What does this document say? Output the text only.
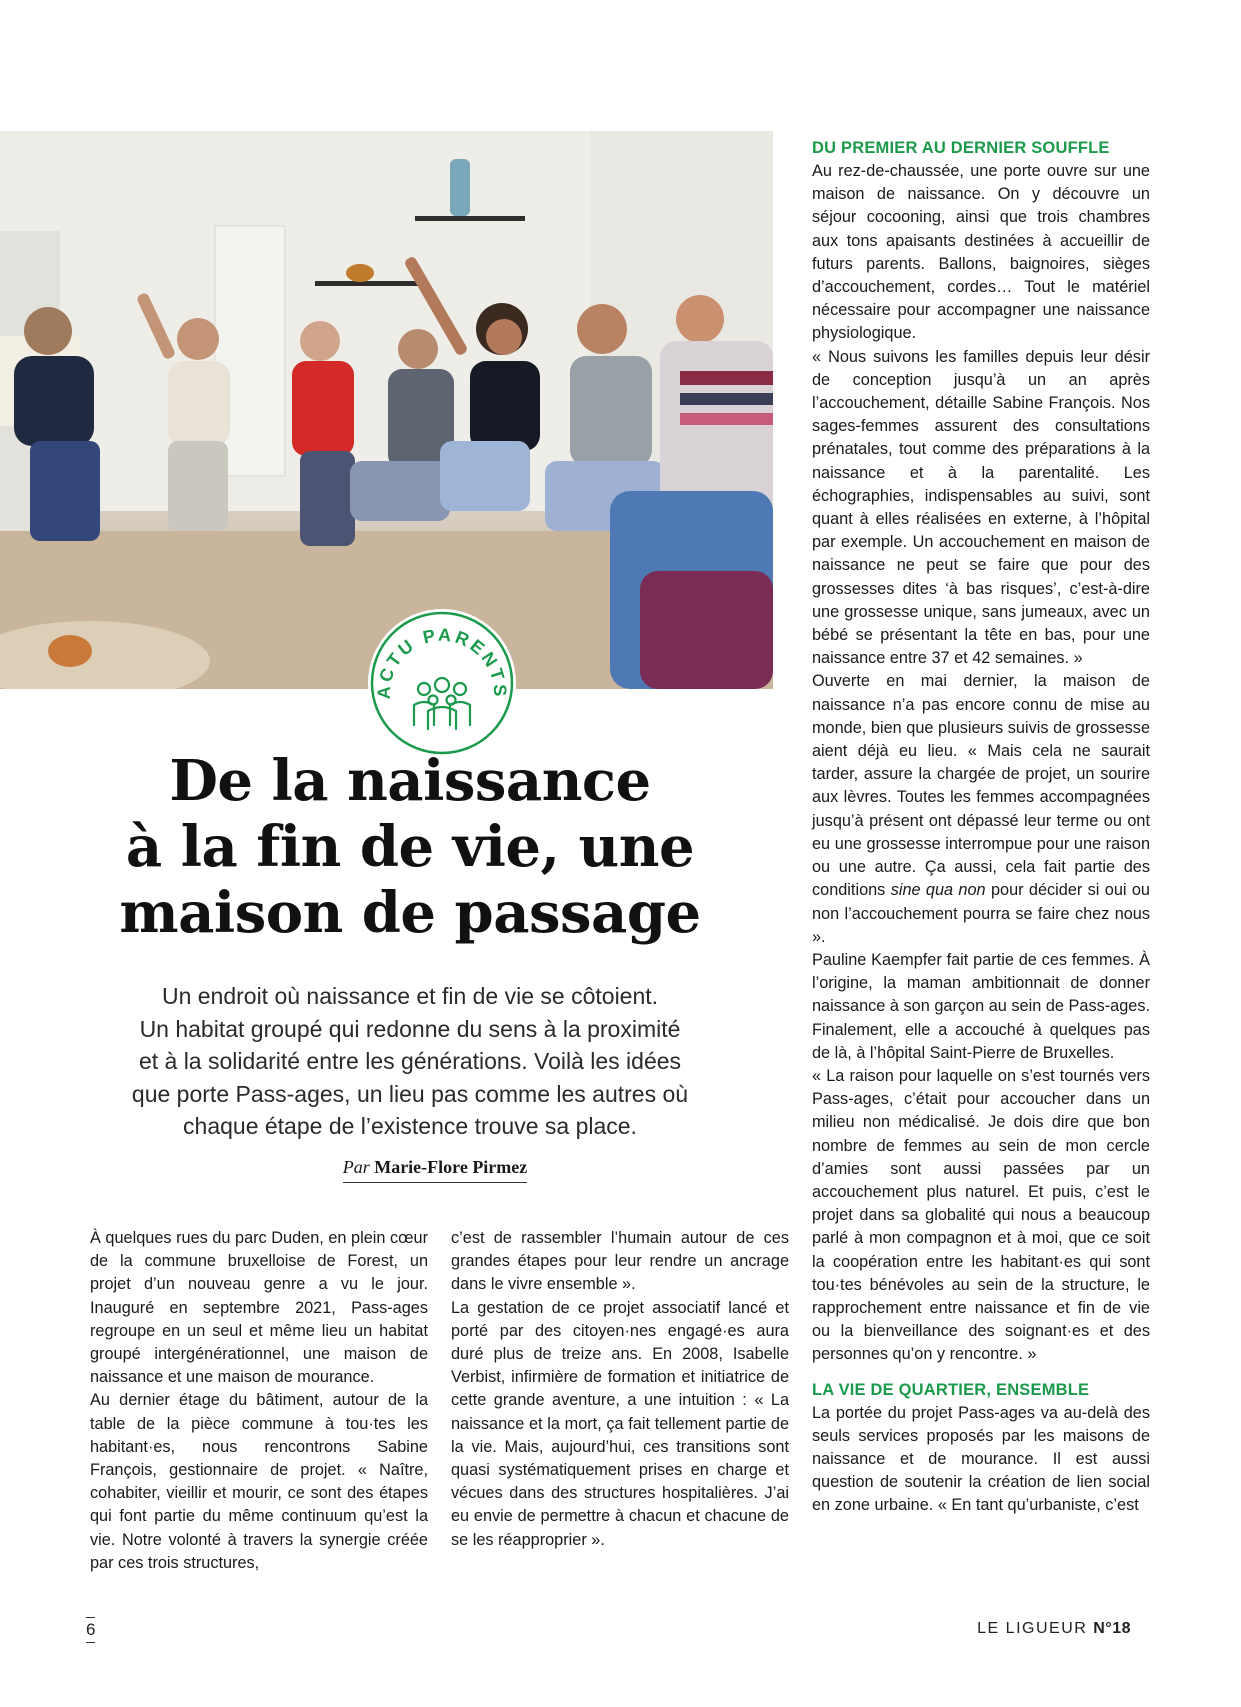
ACTU PARENTS
De la naissance
à la fin de vie, une
maison de passage

Un endroit où naissance et fin de vie se côtoient.
Un habitat groupé qui redonne du sens à la proximité
et à la solidarité entre les générations. Voilà les idées
que porte Pass-ages, un lieu pas comme les autres où
chaque étape de l’existence trouve sa place.

Par Marie-Flore Pirmez
DU PREMIER AU DERNIER SOUFFLE

Au rez-de-chaussée, une porte ouvre sur une maison de naissance. On y découvre un séjour cocooning, ainsi que trois chambres aux tons apaisants destinées à accueillir de futurs parents. Ballons, baignoires, sièges d’accouchement, cordes… Tout le matériel nécessaire pour accompagner une naissance physiologique.

« Nous suivons les familles depuis leur désir de conception jusqu’à un an après l’accouchement, détaille Sabine François. Nos sages-femmes assurent des consultations prénatales, tout comme des préparations à la naissance et à la parentalité. Les échographies, indispensables au suivi, sont quant à elles réalisées en externe, à l’hôpital par exemple. Un accouchement en maison de naissance ne peut se faire que pour des grossesses dites ‘à bas risques’, c’est-à-dire une grossesse unique, sans jumeaux, avec un bébé se présentant la tête en bas, pour une naissance entre 37 et 42 semaines. »

Ouverte en mai dernier, la maison de naissance n’a pas encore connu de mise au monde, bien que plusieurs suivis de grossesse aient déjà eu lieu. « Mais cela ne saurait tarder, assure la chargée de projet, un sourire aux lèvres. Toutes les femmes accompagnées jusqu’à présent ont dépassé leur terme ou ont eu une grossesse interrompue pour une raison ou une autre. Ça aussi, cela fait partie des conditions sine qua non pour décider si oui ou non l’accouchement pourra se faire chez nous ».

Pauline Kaempfer fait partie de ces femmes. À l’origine, la maman ambitionnait de donner naissance à son garçon au sein de Pass-ages. Finalement, elle a accouché à quelques pas de là, à l’hôpital Saint-Pierre de Bruxelles.

« La raison pour laquelle on s’est tournés vers Pass-ages, c’était pour accoucher dans un milieu non médicalisé. Je dois dire que bon nombre de femmes au sein de mon cercle d’amies sont aussi passées par un accouchement plus naturel. Et puis, c’est le projet dans sa globalité qui nous a beaucoup parlé à mon compagnon et à moi, que ce soit la coopération entre les habitant·es qui sont tou·tes bénévoles au sein de la structure, le rapprochement entre naissance et fin de vie ou la bienveillance des soignant·es et des personnes qu’on y rencontre. »

LA VIE DE QUARTIER, ENSEMBLE

La portée du projet Pass-ages va au-delà des seuls services proposés par les maisons de naissance et de mourance. Il est aussi question de soutenir la création de lien social en zone urbaine. « En tant qu’urbaniste, c’est

À quelques rues du parc Duden, en plein cœur de la commune bruxelloise de Forest, un projet d’un nouveau genre a vu le jour. Inauguré en septembre 2021, Pass-ages regroupe en un seul et même lieu un habitat groupé intergénérationnel, une maison de naissance et une maison de mourance.

Au dernier étage du bâtiment, autour de la table de la pièce commune à tou·tes les habitant·es, nous rencontrons Sabine François, gestionnaire de projet. « Naître, cohabiter, vieillir et mourir, ce sont des étapes qui font partie du même continuum qu’est la vie. Notre volonté à travers la synergie créée par ces trois structures,

c’est de rassembler l’humain autour de ces grandes étapes pour leur rendre un ancrage dans le vivre ensemble ».

La gestation de ce projet associatif lancé et porté par des citoyen·nes engagé·es aura duré plus de treize ans. En 2008, Isabelle Verbist, infirmière de formation et initiatrice de cette grande aventure, a une intuition : « La naissance et la mort, ça fait tellement partie de la vie. Mais, aujourd’hui, ces transitions sont quasi systématiquement prises en charge et vécues dans des structures hospitalières. J’ai eu envie de permettre à chacun et chacune de se les réapproprier ».

6	LE LIGUEUR N°18
